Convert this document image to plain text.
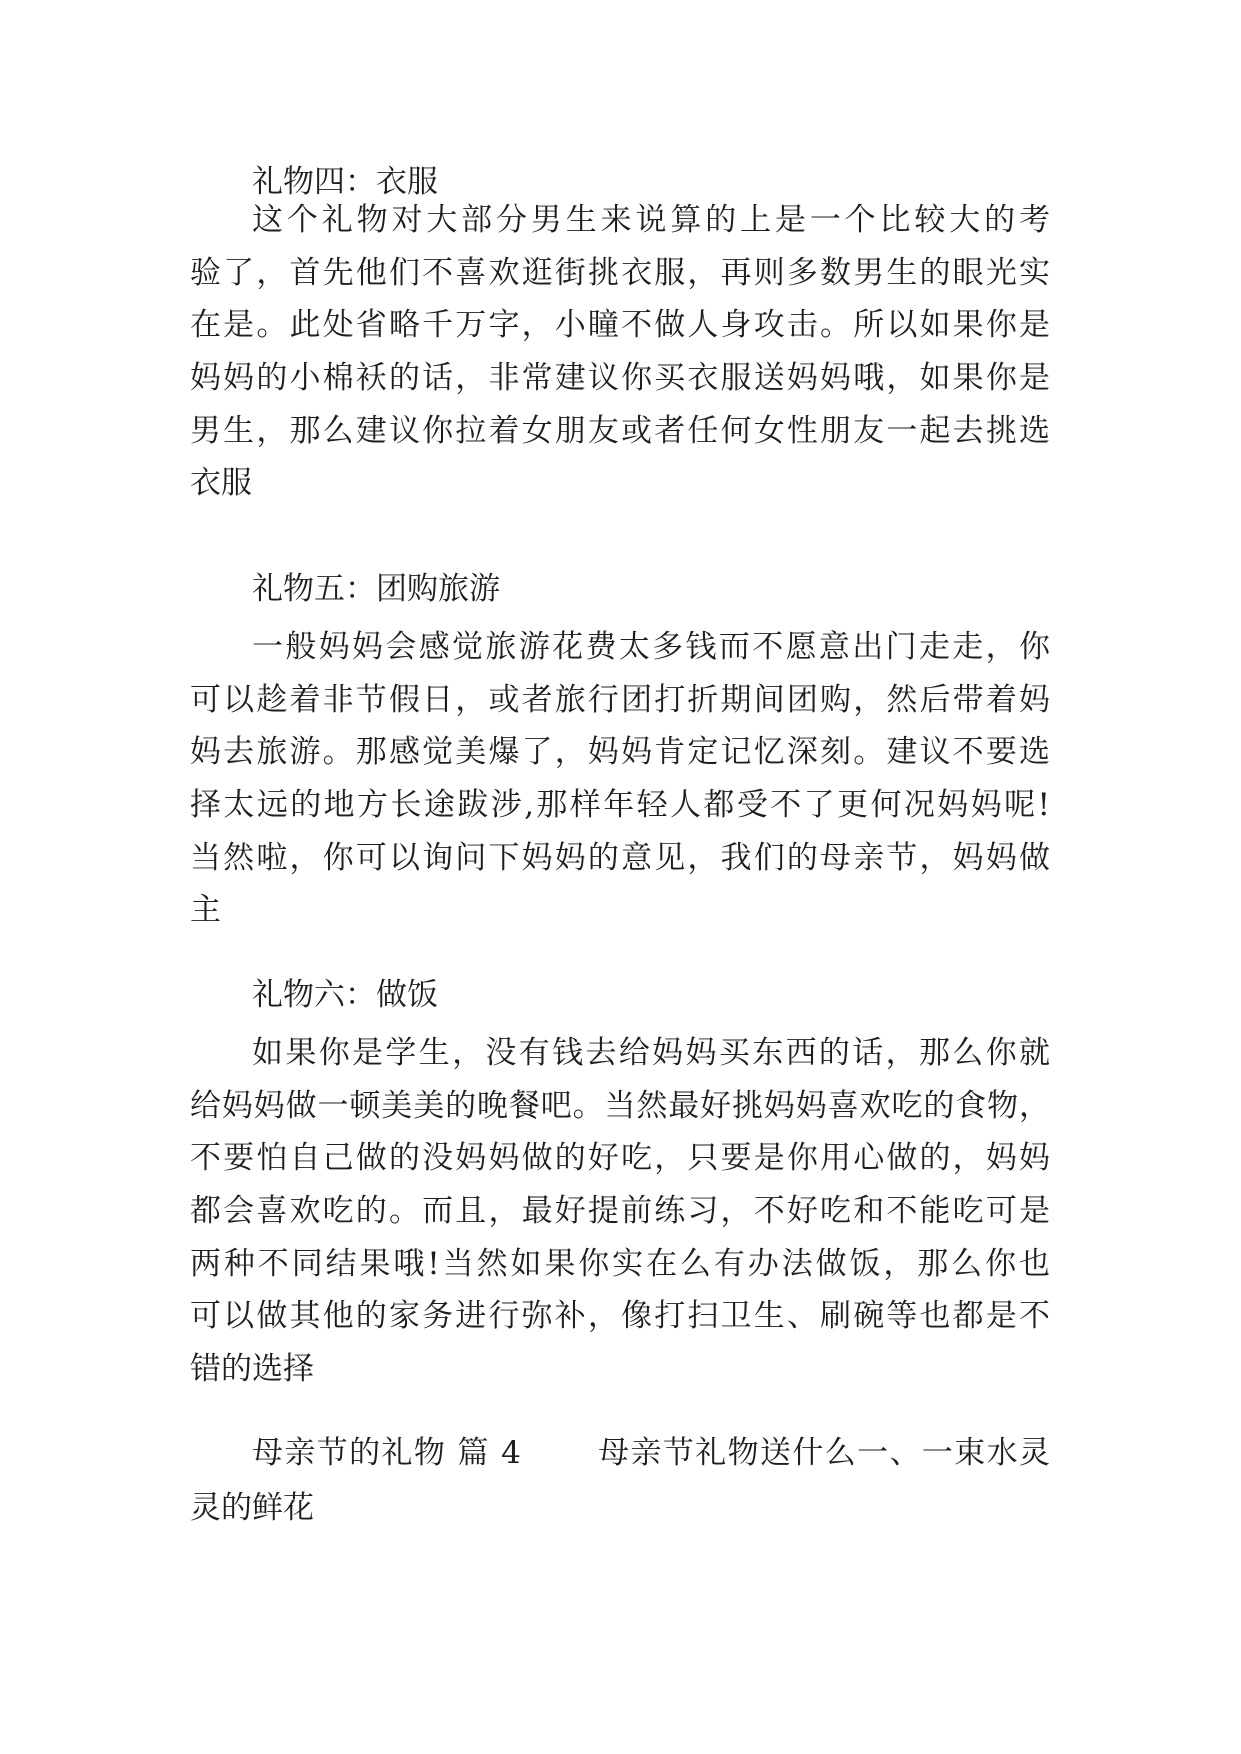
礼物四：衣服
这个礼物对大部分男生来说算的上是一个比较大的考
验了，首先他们不喜欢逛街挑衣服，再则多数男生的眼光实
在是。此处省略千万字，小瞳不做人身攻击。所以如果你是
妈妈的小棉袄的话，非常建议你买衣服送妈妈哦，如果你是
男生，那么建议你拉着女朋友或者任何女性朋友一起去挑选
衣服
礼物五：团购旅游
一般妈妈会感觉旅游花费太多钱而不愿意出门走走，你
可以趁着非节假日，或者旅行团打折期间团购，然后带着妈
妈去旅游。那感觉美爆了，妈妈肯定记忆深刻。建议不要选
择太远的地方长途跋涉,那样年轻人都受不了更何况妈妈呢!
当然啦，你可以询问下妈妈的意见，我们的母亲节，妈妈做
主
礼物六：做饭
如果你是学生，没有钱去给妈妈买东西的话，那么你就
给妈妈做一顿美美的晚餐吧。当然最好挑妈妈喜欢吃的食物，
不要怕自己做的没妈妈做的好吃，只要是你用心做的，妈妈
都会喜欢吃的。而且，最好提前练习，不好吃和不能吃可是
两种不同结果哦!当然如果你实在么有办法做饭，那么你也
可以做其他的家务进行弥补，像打扫卫生、刷碗等也都是不
错的选择
母亲节的礼物 篇 4　　 母亲节礼物送什么一、一束水灵
灵的鲜花
